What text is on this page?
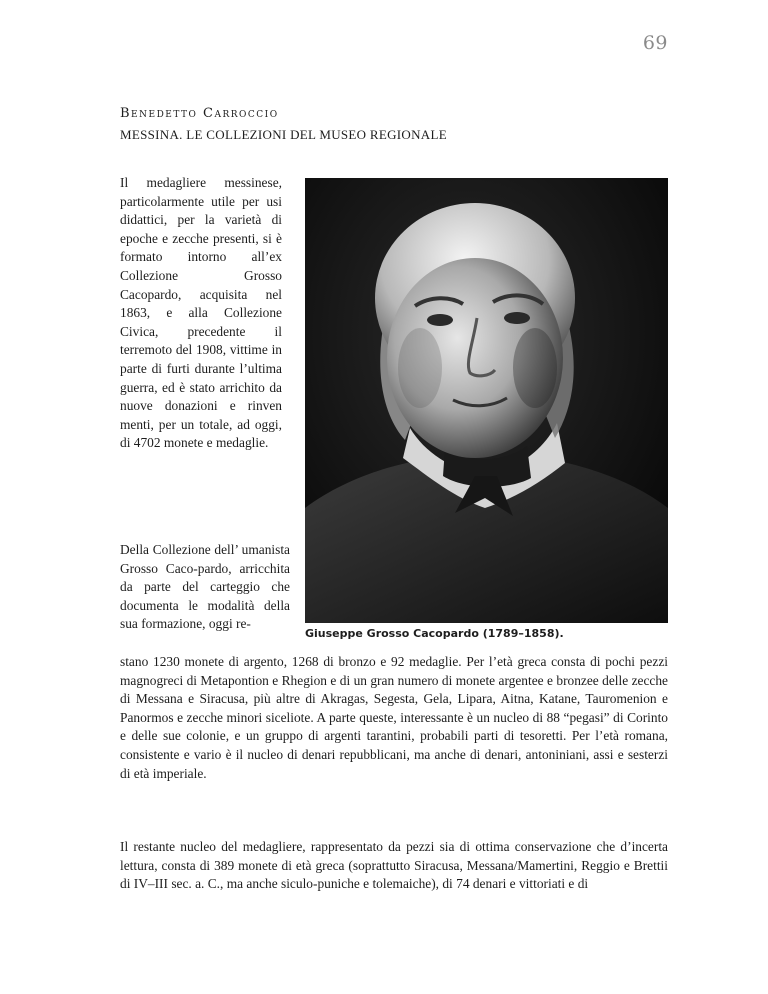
69
Benedetto Carroccio
MESSINA. LE COLLEZIONI DEL MUSEO REGIONALE

Il medagliere messinese, particolarmente utile per usi didattici, per la varietà di epoche e zecche presenti, si è formato intorno all’ex Collezione Grosso Cacopardo, acquisita nel 1863, e alla Collezione Civica, precedente il terremoto del 1908, vittime in parte di furti durante l’ultima guerra, ed è stato arrichito da nuove donazioni e rinven menti, per un totale, ad oggi, di 4702 monete e medaglie.

Giuseppe Grosso Cacopardo (1789–1858).

Della Collezione dell’ umanista Grosso Caco-pardo, arricchita da parte del carteggio che documenta le modalità della sua formazione, oggi re-

stano 1230 monete di argento, 1268 di bronzo e 92 medaglie. Per l’età greca consta di pochi pezzi magnogreci di Metapontion e Rhegion e di un gran numero di monete argentee e bronzee delle zecche di Messana e Siracusa, più altre di Akragas, Segesta, Gela, Lipara, Aitna, Katane, Tauromenion e Panormos e zecche minori siceliote. A parte queste, interessante è un nucleo di 88 “pegasi” di Corinto e delle sue colonie, e un gruppo di argenti tarantini, probabili parti di tesoretti. Per l’età romana, consistente e vario è il nucleo di denari repubblicani, ma anche di denari, antoniniani, assi e sesterzi di età imperiale.

Il restante nucleo del medagliere, rappresentato da pezzi sia di ottima conservazione che d’incerta lettura, consta di 389 monete di età greca (soprattutto Siracusa, Messana/Mamertini, Reggio e Brettii di IV–III sec. a. C., ma anche siculo-puniche e tolemaiche), di 74 denari e vittoriati e di
